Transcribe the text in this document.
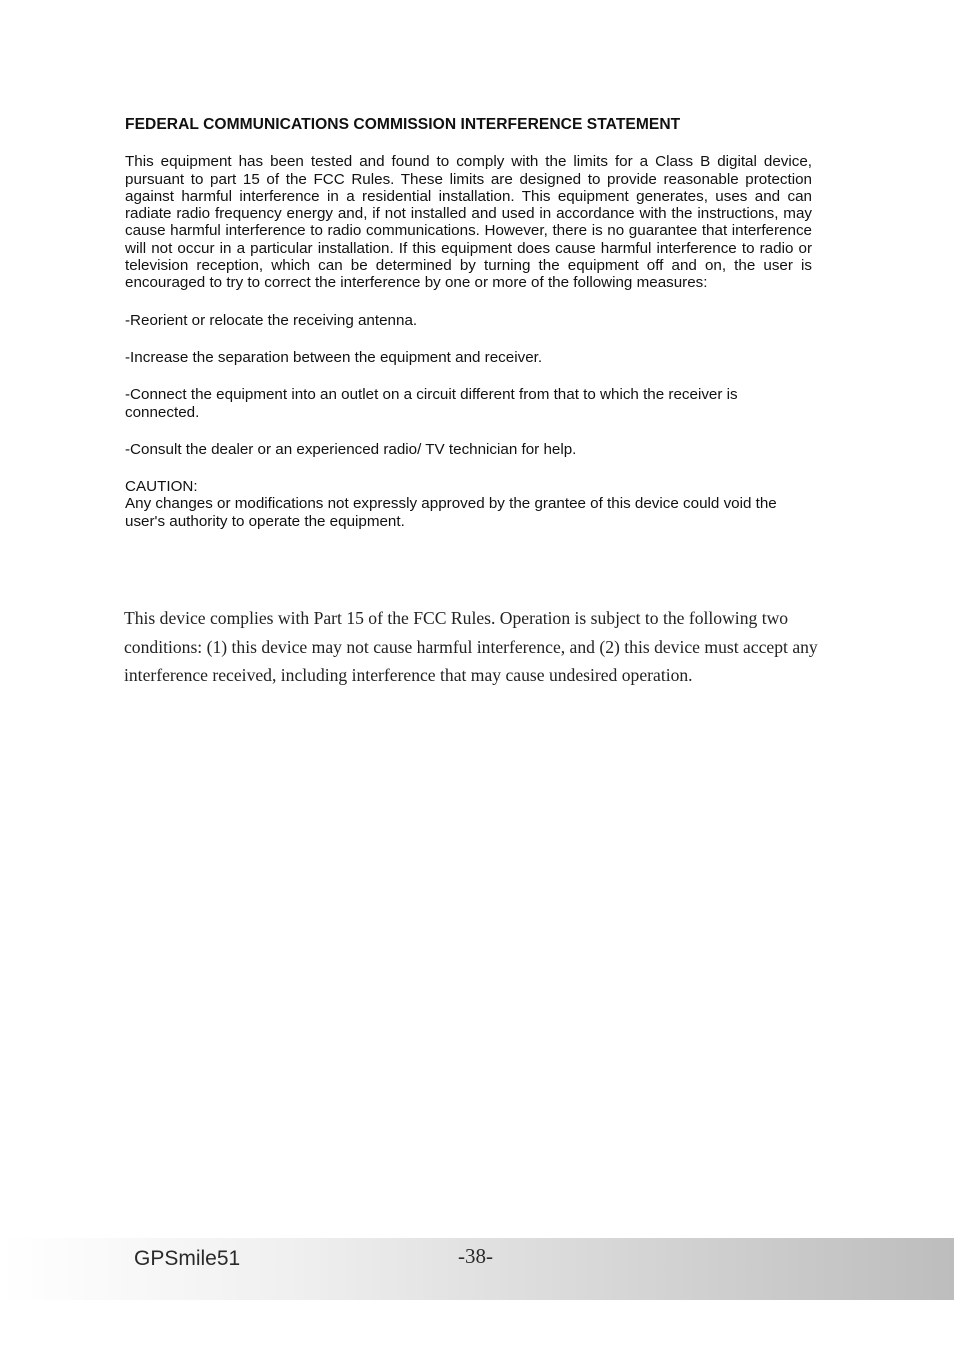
FEDERAL COMMUNICATIONS COMMISSION INTERFERENCE STATEMENT
This equipment has been tested and found to comply with the limits for a Class B digital device, pursuant to part 15 of the FCC Rules. These limits are designed to provide reasonable protection against harmful interference in a residential installation. This equipment generates, uses and can radiate radio frequency energy and, if not installed and used in accordance with the instructions, may cause harmful interference to radio communications. However, there is no guarantee that interference will not occur in a particular installation. If this equipment does cause harmful interference to radio or television reception, which can be determined by turning the equipment off and on, the user is encouraged to try to correct the interference by one or more of the following measures:
-Reorient or relocate the receiving antenna.
-Increase the separation between the equipment and receiver.
-Connect the equipment into an outlet on a circuit different from that to which the receiver is connected.
-Consult the dealer or an experienced radio/ TV technician for help.
CAUTION:
Any changes or modifications not expressly approved by the grantee of this device could void the user's authority to operate the equipment.
This device complies with Part 15 of the FCC Rules. Operation is subject to the following two conditions: (1) this device may not cause harmful interference, and (2) this device must accept any interference received, including interference that may cause undesired operation.
GPSmile51	-38-
